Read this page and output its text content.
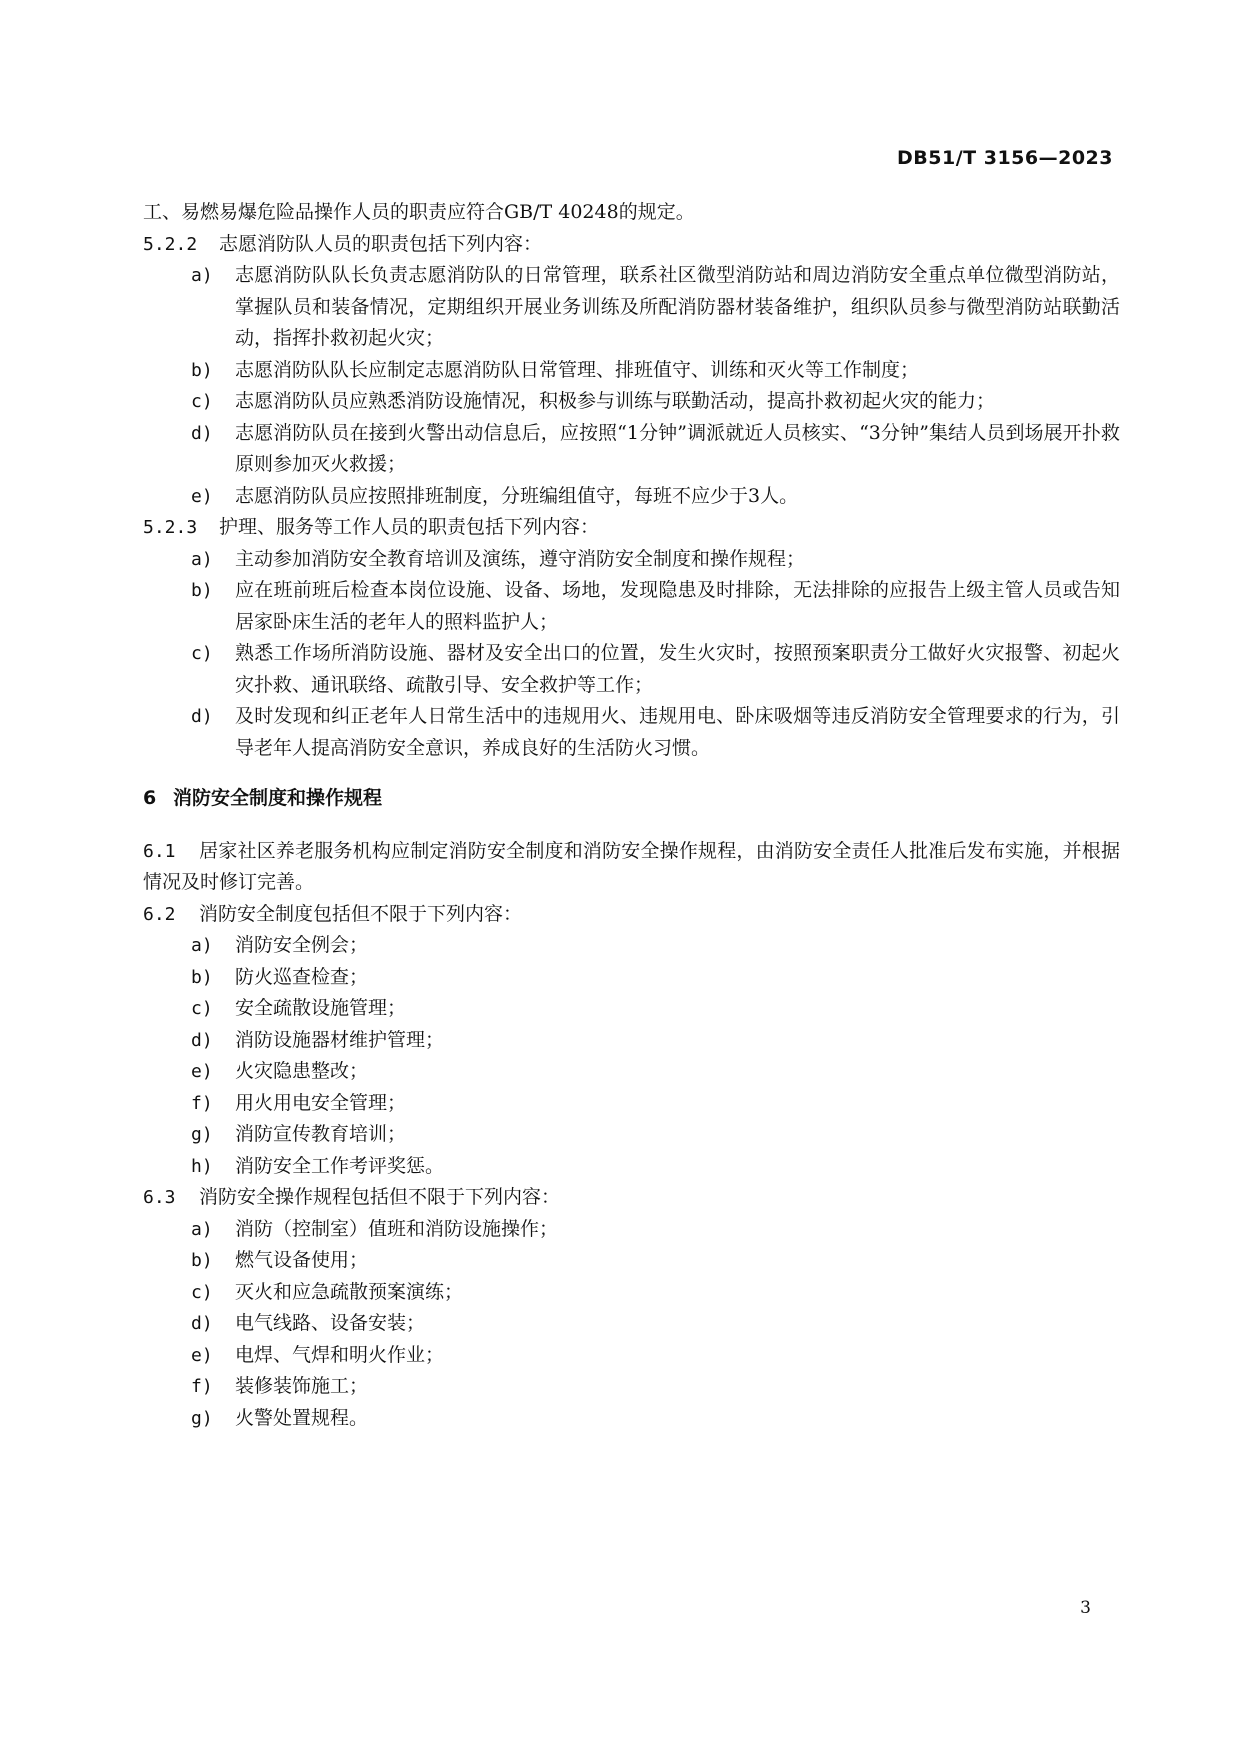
DB51/T 3156—2023

工、易燃易爆危险品操作人员的职责应符合GB/T 40248的规定。

5.2.2 志愿消防队人员的职责包括下列内容：

a) 志愿消防队队长负责志愿消防队的日常管理，联系社区微型消防站和周边消防安全重点单位微型消防站，掌握队员和装备情况，定期组织开展业务训练及所配消防器材装备维护，组织队员参与微型消防站联勤活动，指挥扑救初起火灾；
b) 志愿消防队队长应制定志愿消防队日常管理、排班值守、训练和灭火等工作制度；
c) 志愿消防队员应熟悉消防设施情况，积极参与训练与联勤活动，提高扑救初起火灾的能力；
d) 志愿消防队员在接到火警出动信息后，应按照“1分钟”调派就近人员核实、“3分钟”集结人员到场展开扑救原则参加灭火救援；
e) 志愿消防队员应按照排班制度，分班编组值守，每班不应少于3人。

5.2.3 护理、服务等工作人员的职责包括下列内容：

a) 主动参加消防安全教育培训及演练，遵守消防安全制度和操作规程；
b) 应在班前班后检查本岗位设施、设备、场地，发现隐患及时排除，无法排除的应报告上级主管人员或告知居家卧床生活的老年人的照料监护人；
c) 熟悉工作场所消防设施、器材及安全出口的位置，发生火灾时，按照预案职责分工做好火灾报警、初起火灾扑救、通讯联络、疏散引导、安全救护等工作；
d) 及时发现和纠正老年人日常生活中的违规用火、违规用电、卧床吸烟等违反消防安全管理要求的行为，引导老年人提高消防安全意识，养成良好的生活防火习惯。
6 消防安全制度和操作规程

6.1 居家社区养老服务机构应制定消防安全制度和消防安全操作规程，由消防安全责任人批准后发布实施，并根据情况及时修订完善。

6.2 消防安全制度包括但不限于下列内容：

a) 消防安全例会；
b) 防火巡查检查；
c) 安全疏散设施管理；
d) 消防设施器材维护管理；
e) 火灾隐患整改；
f) 用火用电安全管理；
g) 消防宣传教育培训；
h) 消防安全工作考评奖惩。

6.3 消防安全操作规程包括但不限于下列内容：

a) 消防（控制室）值班和消防设施操作；
b) 燃气设备使用；
c) 灭火和应急疏散预案演练；
d) 电气线路、设备安装；
e) 电焊、气焊和明火作业；
f) 装修装饰施工；
g) 火警处置规程。
3
